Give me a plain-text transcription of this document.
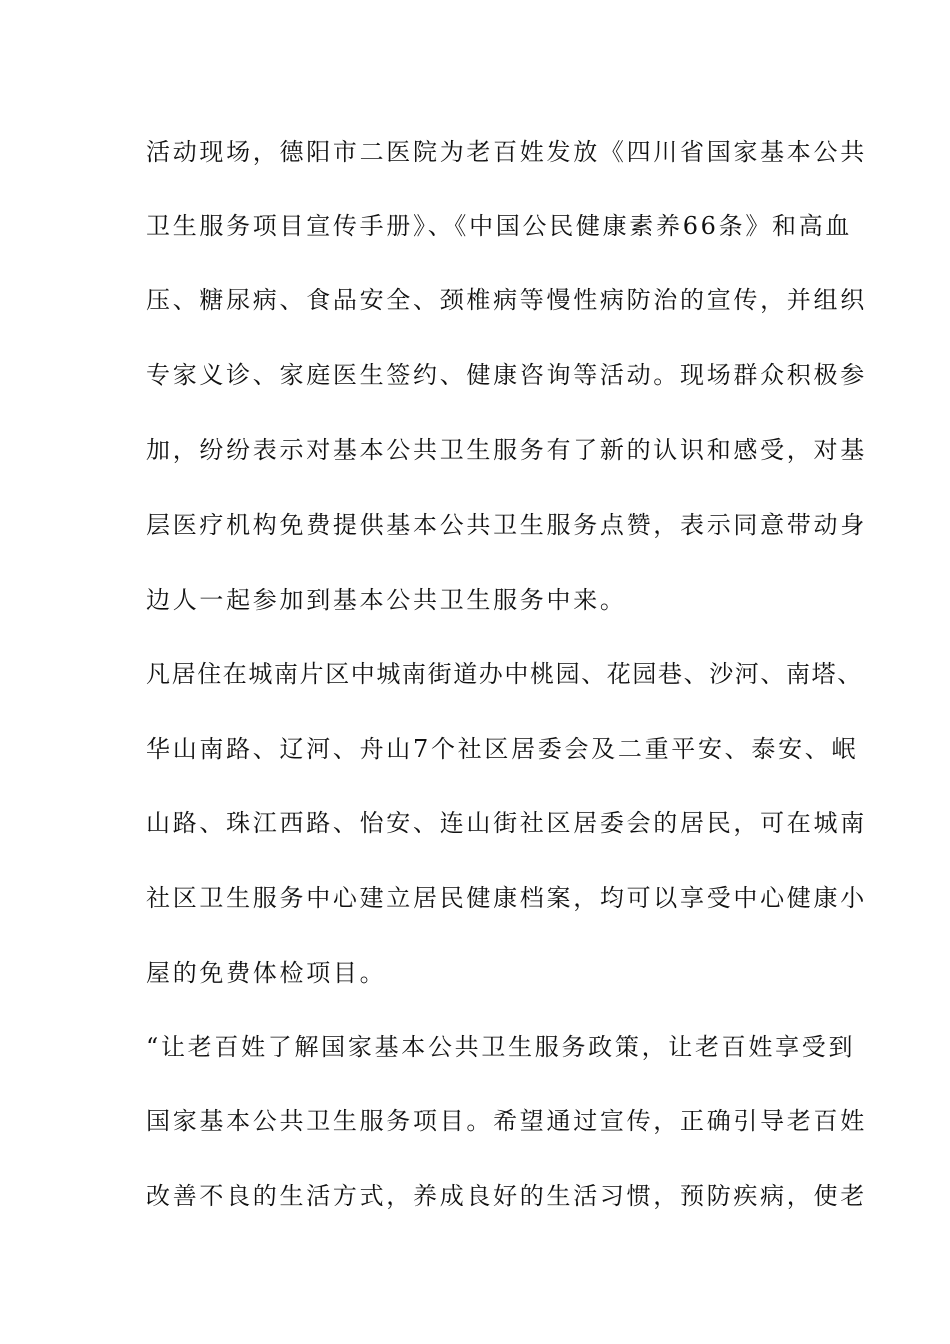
活动现场，德阳市二医院为老百姓发放《四川省国家基本公共
卫生服务项目宣传手册》、《中国公民健康素养66条》和高血
压、糖尿病、食品安全、颈椎病等慢性病防治的宣传，并组织
专家义诊、家庭医生签约、健康咨询等活动。现场群众积极参
加，纷纷表示对基本公共卫生服务有了新的认识和感受，对基
层医疗机构免费提供基本公共卫生服务点赞，表示同意带动身
边人一起参加到基本公共卫生服务中来。
凡居住在城南片区中城南街道办中桃园、花园巷、沙河、南塔、
华山南路、辽河、舟山7个社区居委会及二重平安、泰安、岷
山路、珠江西路、怡安、连山街社区居委会的居民，可在城南
社区卫生服务中心建立居民健康档案，均可以享受中心健康小
屋的免费体检项目。
“让老百姓了解国家基本公共卫生服务政策，让老百姓享受到
国家基本公共卫生服务项目。希望通过宣传，正确引导老百姓
改善不良的生活方式，养成良好的生活习惯，预防疾病，使老
